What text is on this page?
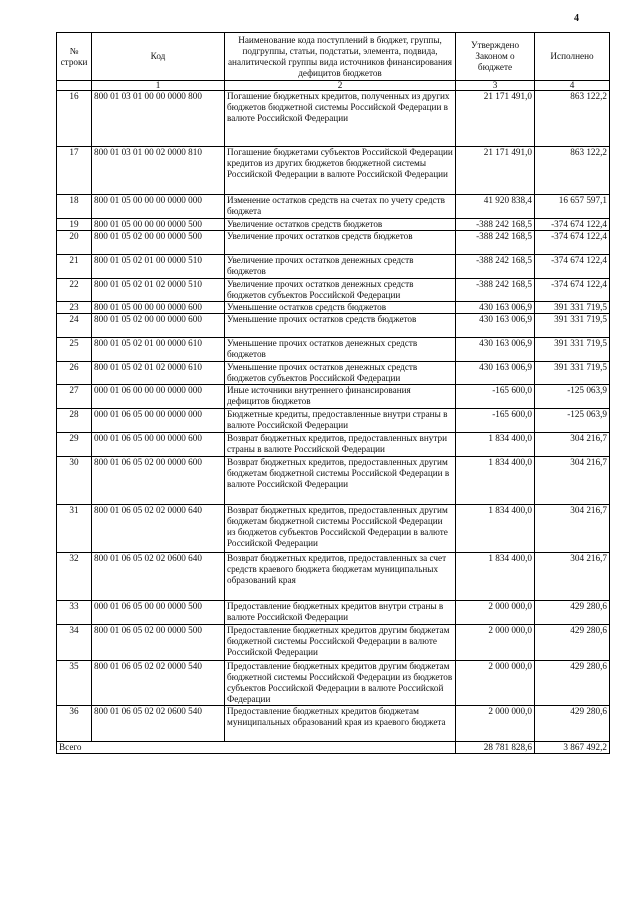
4
№ строки	Код	Наименование кода поступлений в бюджет, группы, подгруппы, статьи, подстатьи, элемента, подвида, аналитической группы вида источников финансирования дефицитов бюджетов	Утверждено Законом о бюджете	Исполнено
	1	2	3	4
16	800 01 03 01 00 00 0000 800	Погашение бюджетных кредитов, полученных из других бюджетов бюджетной системы Российской Федерации в валюте Российской Федерации	21 171 491,0	863 122,2
17	800 01 03 01 00 02 0000 810	Погашение бюджетами субъектов Российской Федерации кредитов из других бюджетов бюджетной системы Российской Федерации в валюте Российской Федерации	21 171 491,0	863 122,2
18	800 01 05 00 00 00 0000 000	Изменение остатков средств на счетах по учету средств бюджета	41 920 838,4	16 657 597,1
19	800 01 05 00 00 00 0000 500	Увеличение остатков средств бюджетов	-388 242 168,5	-374 674 122,4
20	800 01 05 02 00 00 0000 500	Увеличение прочих остатков средств бюджетов	-388 242 168,5	-374 674 122,4
21	800 01 05 02 01 00 0000 510	Увеличение прочих остатков денежных средств бюджетов	-388 242 168,5	-374 674 122,4
22	800 01 05 02 01 02 0000 510	Увеличение прочих остатков денежных средств бюджетов субъектов Российской Федерации	-388 242 168,5	-374 674 122,4
23	800 01 05 00 00 00 0000 600	Уменьшение остатков средств бюджетов	430 163 006,9	391 331 719,5
24	800 01 05 02 00 00 0000 600	Уменьшение прочих остатков средств бюджетов	430 163 006,9	391 331 719,5
25	800 01 05 02 01 00 0000 610	Уменьшение прочих остатков денежных средств бюджетов	430 163 006,9	391 331 719,5
26	800 01 05 02 01 02 0000 610	Уменьшение прочих остатков денежных средств бюджетов субъектов Российской Федерации	430 163 006,9	391 331 719,5
27	000 01 06 00 00 00 0000 000	Иные источники внутреннего финансирования дефицитов бюджетов	-165 600,0	-125 063,9
28	000 01 06 05 00 00 0000 000	Бюджетные кредиты, предоставленные внутри страны в валюте Российской Федерации	-165 600,0	-125 063,9
29	000 01 06 05 00 00 0000 600	Возврат бюджетных кредитов, предоставленных внутри страны в валюте Российской Федерации	1 834 400,0	304 216,7
30	800 01 06 05 02 00 0000 600	Возврат бюджетных кредитов, предоставленных другим бюджетам бюджетной системы Российской Федерации в валюте Российской Федерации	1 834 400,0	304 216,7
31	800 01 06 05 02 02 0000 640	Возврат бюджетных кредитов, предоставленных другим бюджетам бюджетной системы Российской Федерации из бюджетов субъектов Российской Федерации в валюте Российской Федерации	1 834 400,0	304 216,7
32	800 01 06 05 02 02 0600 640	Возврат бюджетных кредитов, предоставленных за счет средств краевого бюджета бюджетам муниципальных образований края	1 834 400,0	304 216,7
33	000 01 06 05 00 00 0000 500	Предоставление бюджетных кредитов внутри страны в валюте Российской Федерации	2 000 000,0	429 280,6
34	800 01 06 05 02 00 0000 500	Предоставление бюджетных кредитов другим бюджетам бюджетной системы Российской Федерации в валюте Российской Федерации	2 000 000,0	429 280,6
35	800 01 06 05 02 02 0000 540	Предоставление бюджетных кредитов другим бюджетам бюджетной системы Российской Федерации из бюджетов субъектов Российской Федерации в валюте Российской Федерации	2 000 000,0	429 280,6
36	800 01 06 05 02 02 0600 540	Предоставление бюджетных кредитов бюджетам муниципальных образований края из краевого бюджета	2 000 000,0	429 280,6
Всего			28 781 828,6	3 867 492,2
